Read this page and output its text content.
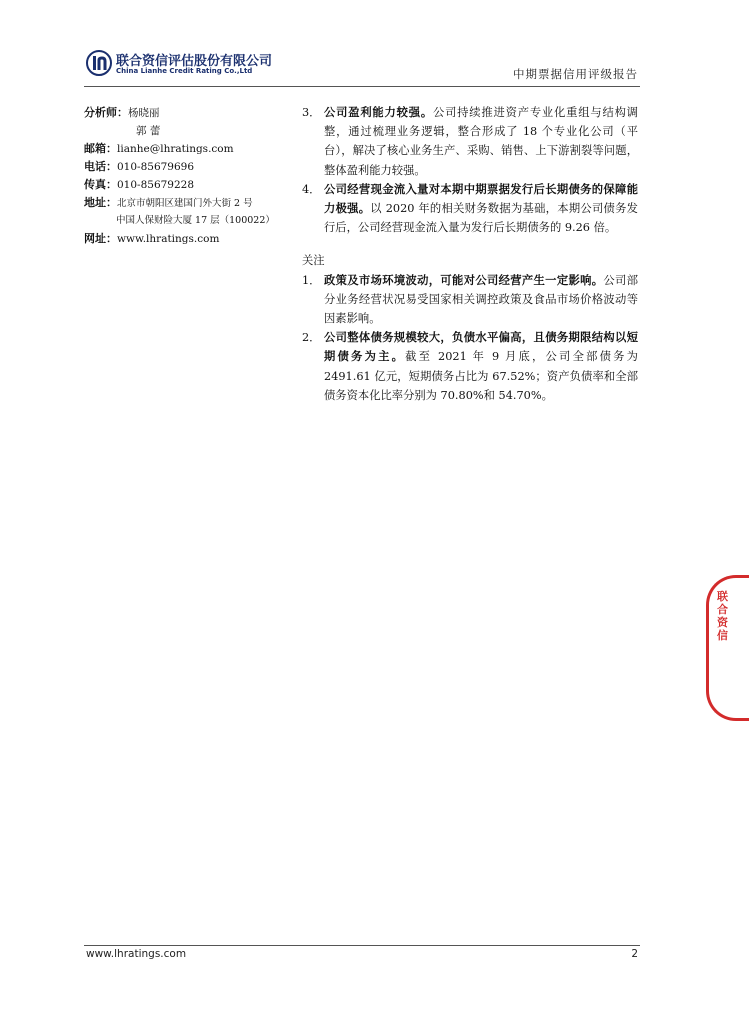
联合资信评估股份有限公司
China Lianhe Credit Rating Co.,Ltd	中期票据信用评级报告
分析师：杨晓丽
郭 蕾
邮箱：lianhe@lhratings.com
电话：010-85679696
传真：010-85679228
地址：北京市朝阳区建国门外大街 2 号
中国人保财险大厦 17 层（100022）
网址：www.lhratings.com

3． 公司盈利能力较强。公司持续推进资产专业化重组与结构调整，通过梳理业务逻辑，整合形成了 18 个专业化公司（平台），解决了核心业务生产、采购、销售、上下游割裂等问题，整体盈利能力较强。

4． 公司经营现金流入量对本期中期票据发行后长期债务的保障能力极强。以 2020 年的相关财务数据为基础，本期公司债务发行后，公司经营现金流入量为发行后长期债务的 9.26 倍。

关注

1． 政策及市场环境波动，可能对公司经营产生一定影响。公司部分业务经营状况易受国家相关调控政策及食品市场价格波动等因素影响。

2． 公司整体债务规模较大，负债水平偏高，且债务期限结构以短期债务为主。截至 2021 年 9 月底，公司全部债务为 2491.61 亿元，短期债务占比为 67.52%；资产负债率和全部债务资本化比率分别为 70.80%和 54.70%。

联合资信
www.lhratings.com	2
